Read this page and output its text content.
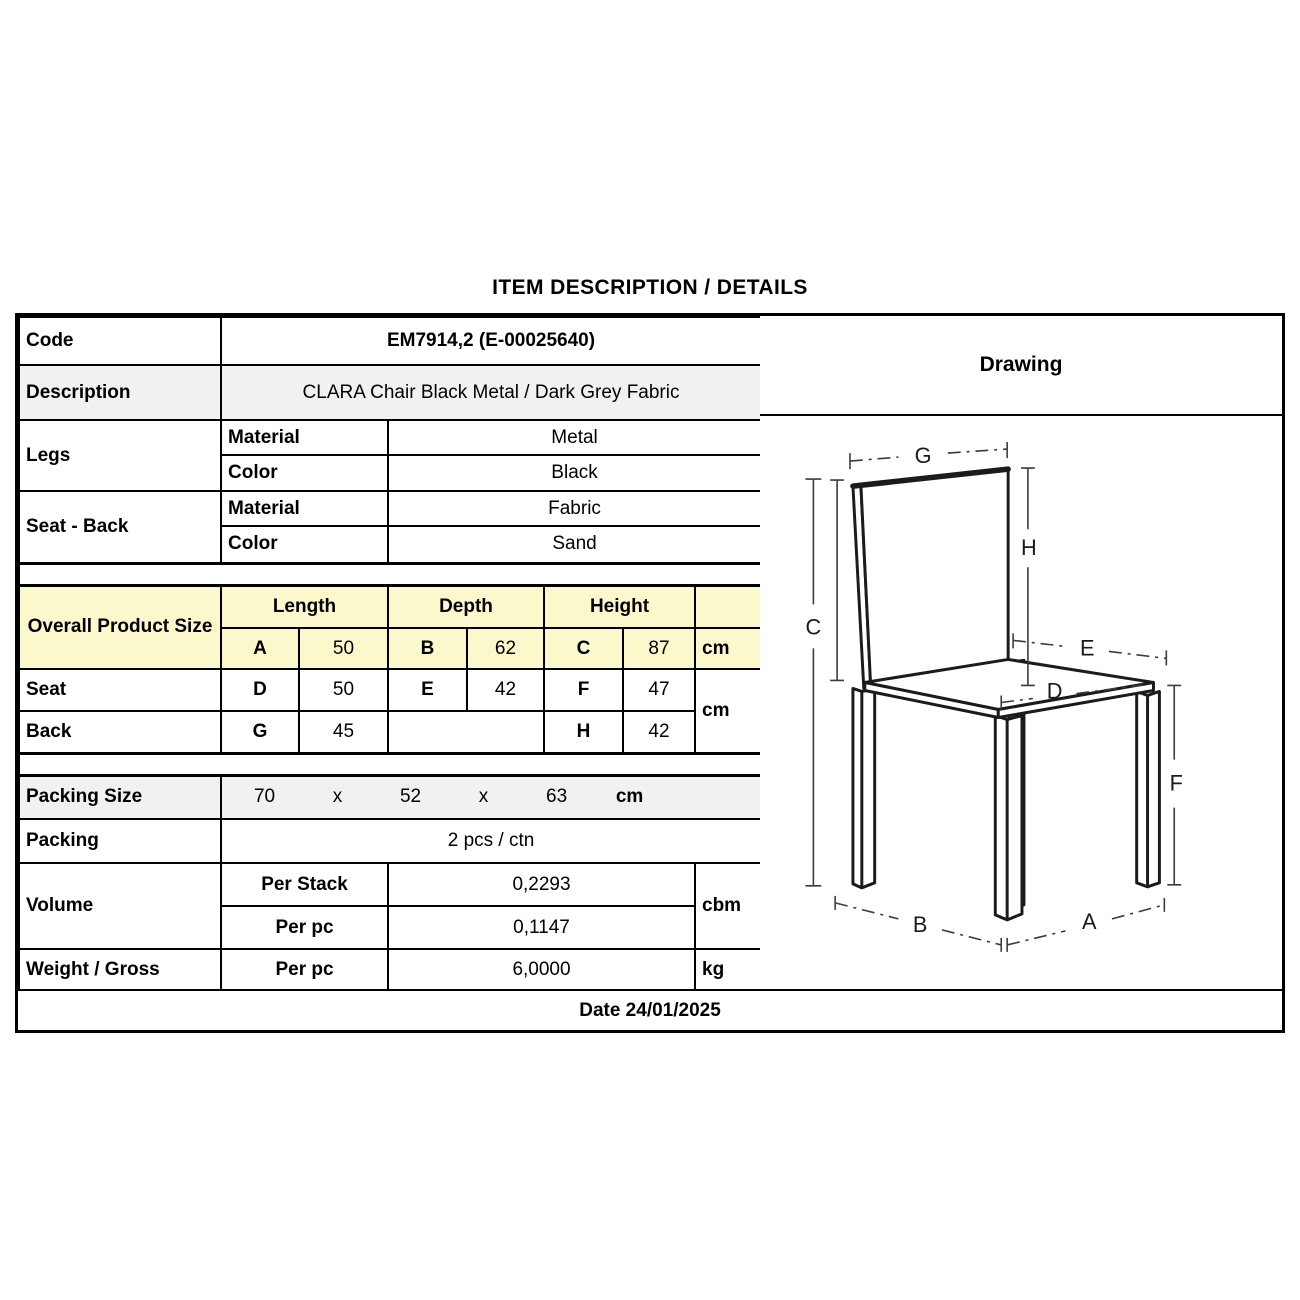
ITEM DESCRIPTION / DETAILS
Code	EM7914,2 (E-00025640)						
Description	CLARA Chair Black Metal / Dark Grey Fabric						
Legs	Material		Metal				
	Color		Black				
Seat - Back	Material		Fabric				
	Color		Sand				

Overall Product Size	Length		Depth		Height		
	A	50	B	62	C	87	cm
Seat	D	50	E	42	F	47	cm
Back	G	45			H	42	

Packing Size	70	x	52	x	63	cm

Packing	2 pcs / ctn						
Volume	Per Stack		0,2293				cbm
	Per pc		0,1147				
Weight / Gross	Per pc		6,0000				kg
Drawing
G
C
H
E
D
F
B	A
Date 24/01/2025
